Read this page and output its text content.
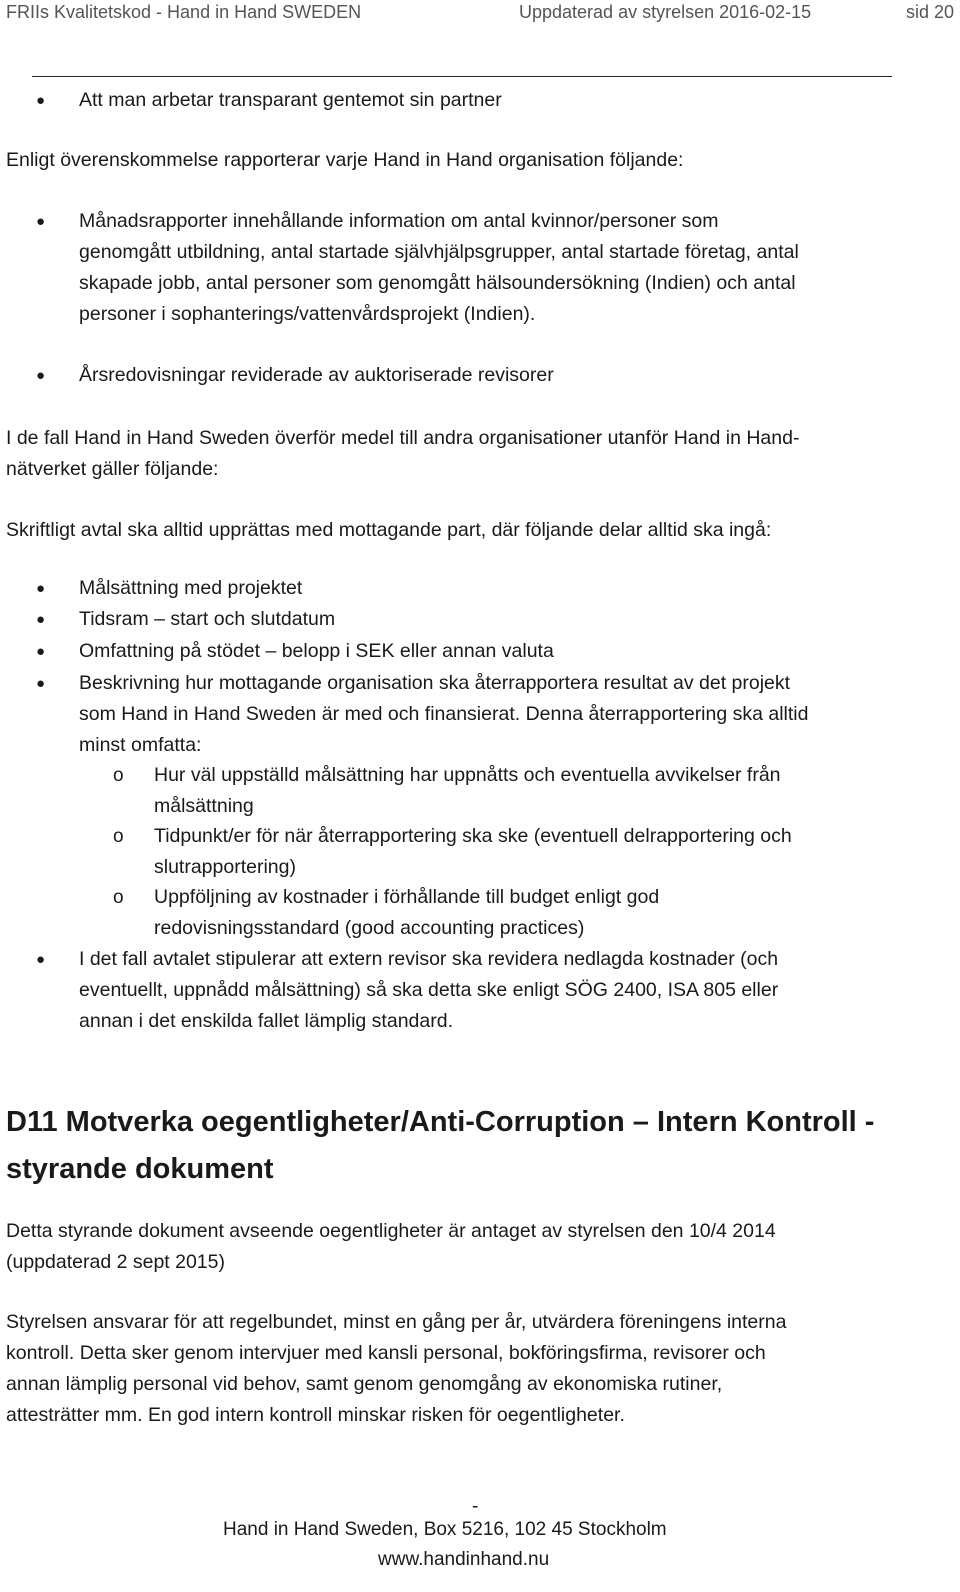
FRIIs Kvalitetskod - Hand in Hand SWEDEN	Uppdaterad av styrelsen 2016-02-15	sid 20
● Att man arbetar transparant gentemot sin partner
Enligt överenskommelse rapporterar varje Hand in Hand organisation följande:
● Månadsrapporter innehållande information om antal kvinnor/personer som
genomgått utbildning, antal startade självhjälpsgrupper, antal startade företag, antal
skapade jobb, antal personer som genomgått hälsoundersökning (Indien) och antal
personer i sophanterings/vattenvårdsprojekt (Indien).
● Årsredovisningar reviderade av auktoriserade revisorer
I de fall Hand in Hand Sweden överför medel till andra organisationer utanför Hand in Hand-
nätverket gäller följande:
Skriftligt avtal ska alltid upprättas med mottagande part, där följande delar alltid ska ingå:
● Målsättning med projektet
● Tidsram – start och slutdatum
● Omfattning på stödet – belopp i SEK eller annan valuta
● Beskrivning hur mottagande organisation ska återrapportera resultat av det projekt
som Hand in Hand Sweden är med och finansierat. Denna återrapportering ska alltid
minst omfatta:
o Hur väl uppställd målsättning har uppnåtts och eventuella avvikelser från
målsättning
o Tidpunkt/er för när återrapportering ska ske (eventuell delrapportering och
slutrapportering)
o Uppföljning av kostnader i förhållande till budget enligt god
redovisningsstandard (good accounting practices)
● I det fall avtalet stipulerar att extern revisor ska revidera nedlagda kostnader (och
eventuellt, uppnådd målsättning) så ska detta ske enligt SÖG 2400, ISA 805 eller
annan i det enskilda fallet lämplig standard.
D11 Motverka oegentligheter/Anti-Corruption – Intern Kontroll -
styrande dokument
Detta styrande dokument avseende oegentligheter är antaget av styrelsen den 10/4 2014
(uppdaterad 2 sept 2015)
Styrelsen ansvarar för att regelbundet, minst en gång per år, utvärdera föreningens interna
kontroll. Detta sker genom intervjuer med kansli personal, bokföringsfirma, revisorer och
annan lämplig personal vid behov, samt genom genomgång av ekonomiska rutiner,
attesträtter mm. En god intern kontroll minskar risken för oegentligheter.
-
Hand in Hand Sweden, Box 5216, 102 45 Stockholm
www.handinhand.nu
